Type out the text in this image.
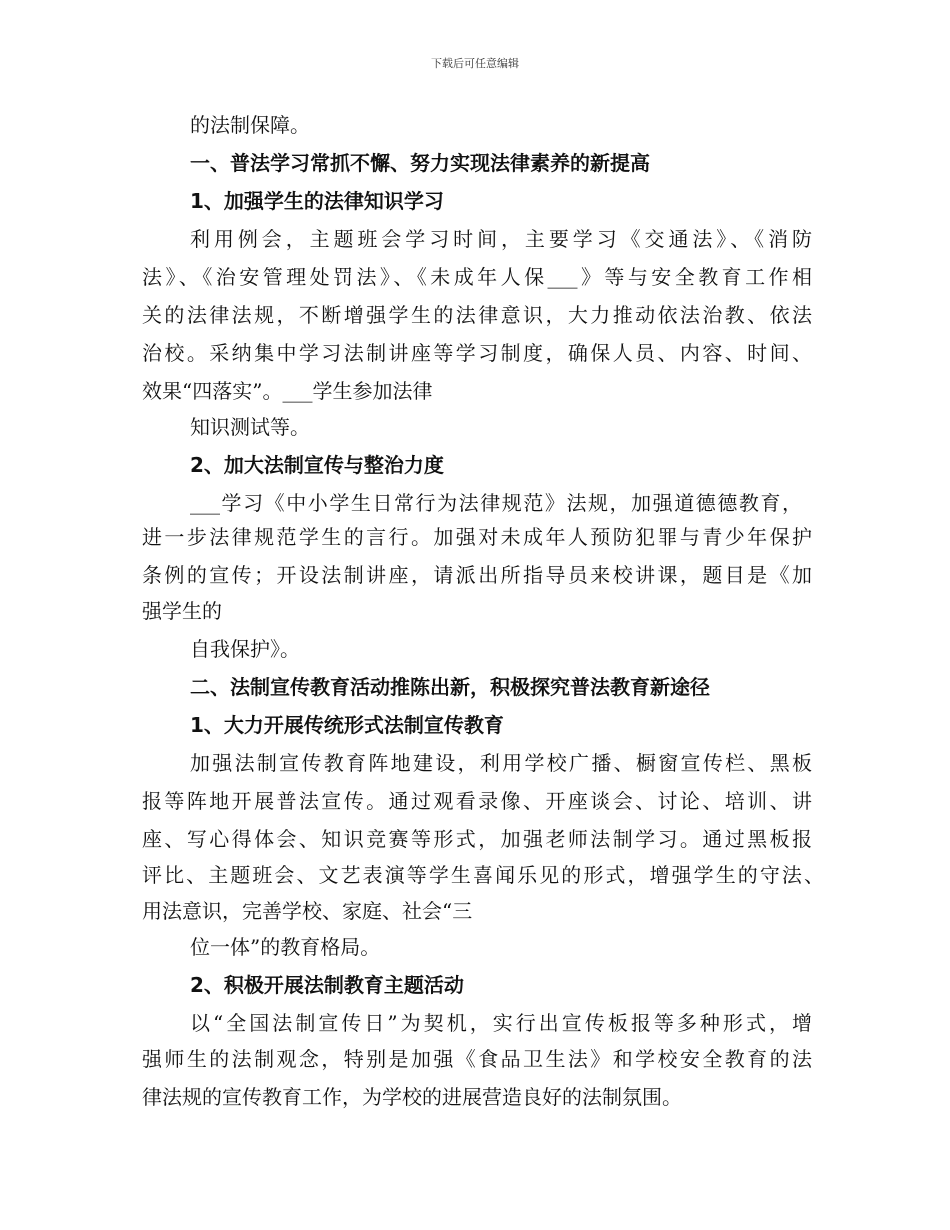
下载后可任意编辑
的法制保障。
一、普法学习常抓不懈、努力实现法律素养的新提高
1、加强学生的法律知识学习
利用例会，主题班会学习时间，主要学习《交通法》、《消防
法》、《治安管理处罚法》、《未成年人保___》等与安全教育工作相
关的法律法规，不断增强学生的法律意识，大力推动依法治教、依法
治校。采纳集中学习法制讲座等学习制度，确保人员、内容、时间、
效果“四落实”。___学生参加法律
知识测试等。
2、加大法制宣传与整治力度
___学习《中小学生日常行为法律规范》法规，加强道德德教育，
进一步法律规范学生的言行。加强对未成年人预防犯罪与青少年保护
条例的宣传；开设法制讲座，请派出所指导员来校讲课，题目是《加
强学生的
自我保护》。
二、法制宣传教育活动推陈出新，积极探究普法教育新途径
1、大力开展传统形式法制宣传教育
加强法制宣传教育阵地建设，利用学校广播、橱窗宣传栏、黑板
报等阵地开展普法宣传。通过观看录像、开座谈会、讨论、培训、讲
座、写心得体会、知识竞赛等形式，加强老师法制学习。通过黑板报
评比、主题班会、文艺表演等学生喜闻乐见的形式，增强学生的守法、
用法意识，完善学校、家庭、社会“三
位一体”的教育格局。
2、积极开展法制教育主题活动
以“全国法制宣传日”为契机，实行出宣传板报等多种形式，增
强师生的法制观念，特别是加强《食品卫生法》和学校安全教育的法
律法规的宣传教育工作，为学校的进展营造良好的法制氛围。
